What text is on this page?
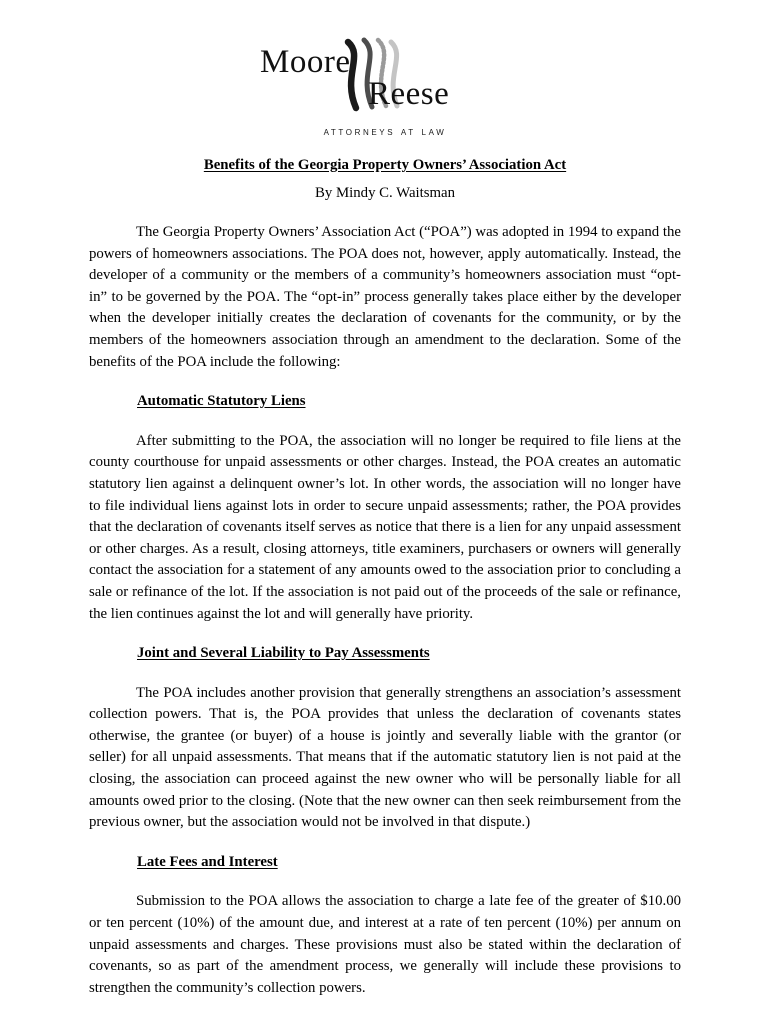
Moore
Reese
attorneys at law
Benefits of the Georgia Property Owners’ Association Act

By Mindy C. Waitsman

The Georgia Property Owners’ Association Act (“POA”) was adopted in 1994 to expand the powers of homeowners associations. The POA does not, however, apply automatically. Instead, the developer of a community or the members of a community’s homeowners association must “opt-in” to be governed by the POA. The “opt-in” process generally takes place either by the developer when the developer initially creates the declaration of covenants for the community, or by the members of the homeowners association through an amendment to the declaration. Some of the benefits of the POA include the following:

Automatic Statutory Liens

After submitting to the POA, the association will no longer be required to file liens at the county courthouse for unpaid assessments or other charges. Instead, the POA creates an automatic statutory lien against a delinquent owner’s lot. In other words, the association will no longer have to file individual liens against lots in order to secure unpaid assessments; rather, the POA provides that the declaration of covenants itself serves as notice that there is a lien for any unpaid assessment or other charges. As a result, closing attorneys, title examiners, purchasers or owners will generally contact the association for a statement of any amounts owed to the association prior to concluding a sale or refinance of the lot. If the association is not paid out of the proceeds of the sale or refinance, the lien continues against the lot and will generally have priority.

Joint and Several Liability to Pay Assessments

The POA includes another provision that generally strengthens an association’s assessment collection powers. That is, the POA provides that unless the declaration of covenants states otherwise, the grantee (or buyer) of a house is jointly and severally liable with the grantor (or seller) for all unpaid assessments. That means that if the automatic statutory lien is not paid at the closing, the association can proceed against the new owner who will be personally liable for all amounts owed prior to the closing. (Note that the new owner can then seek reimbursement from the previous owner, but the association would not be involved in that dispute.)

Late Fees and Interest

Submission to the POA allows the association to charge a late fee of the greater of $10.00 or ten percent (10%) of the amount due, and interest at a rate of ten percent (10%) per annum on unpaid assessments and charges. These provisions must also be stated within the declaration of covenants, so as part of the amendment process, we generally will include these provisions to strengthen the community’s collection powers.
